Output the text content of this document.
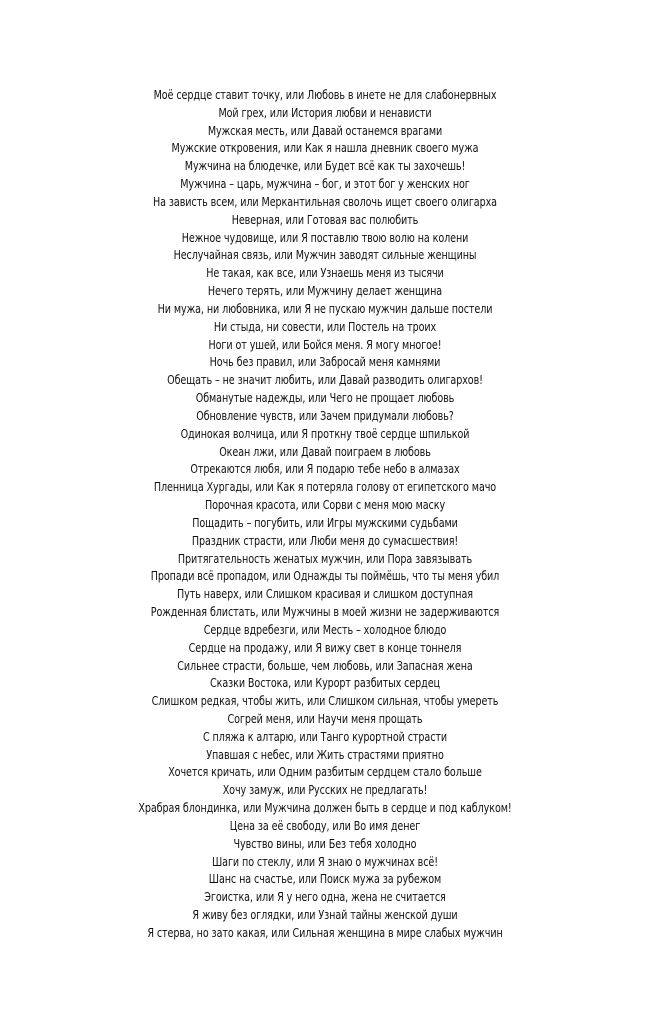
Моё сердце ставит точку, или Любовь в инете не для слабонервных
Мой грех, или История любви и ненависти
Мужская месть, или Давай останемся врагами
Мужские откровения, или Как я нашла дневник своего мужа
Мужчина на блюдечке, или Будет всё как ты захочешь!
Мужчина – царь, мужчина – бог, и этот бог у женских ног
На зависть всем, или Меркантильная сволочь ищет своего олигарха
Неверная, или Готовая вас полюбить
Нежное чудовище, или Я поставлю твою волю на колени
Неслучайная связь, или Мужчин заводят сильные женщины
Не такая, как все, или Узнаешь меня из тысячи
Нечего терять, или Мужчину делает женщина
Ни мужа, ни любовника, или Я не пускаю мужчин дальше постели
Ни стыда, ни совести, или Постель на троих
Ноги от ушей, или Бойся меня. Я могу многое!
Ночь без правил, или Забросай меня камнями
Обещать – не значит любить, или Давай разводить олигархов!
Обманутые надежды, или Чего не прощает любовь
Обновление чувств, или Зачем придумали любовь?
Одинокая волчица, или Я проткну твоё сердце шпилькой
Океан лжи, или Давай поиграем в любовь
Отрекаются любя, или Я подарю тебе небо в алмазах
Пленница Хургады, или Как я потеряла голову от египетского мачо
Порочная красота, или Сорви с меня мою маску
Пощадить – погубить, или Игры мужскими судьбами
Праздник страсти, или Люби меня до сумасшествия!
Притягательность женатых мужчин, или Пора завязывать
Пропади всё пропадом, или Однажды ты поймёшь, что ты меня убил
Путь наверх, или Слишком красивая и слишком доступная
Рожденная блистать, или Мужчины в моей жизни не задерживаются
Сердце вдребезги, или Месть – холодное блюдо
Сердце на продажу, или Я вижу свет в конце тоннеля
Сильнее страсти, больше, чем любовь, или Запасная жена
Сказки Востока, или Курорт разбитых сердец
Слишком редкая, чтобы жить, или Слишком сильная, чтобы умереть
Согрей меня, или Научи меня прощать
С пляжа к алтарю, или Танго курортной страсти
Упавшая с небес, или Жить страстями приятно
Хочется кричать, или Одним разбитым сердцем стало больше
Хочу замуж, или Русских не предлагать!
Храбрая блондинка, или Мужчина должен быть в сердце и под каблуком!
Цена за её свободу, или Во имя денег
Чувство вины, или Без тебя холодно
Шаги по стеклу, или Я знаю о мужчинах всё!
Шанс на счастье, или Поиск мужа за рубежом
Эгоистка, или Я у него одна, жена не считается
Я живу без оглядки, или Узнай тайны женской души
Я стерва, но зато какая, или Сильная женщина в мире слабых мужчин
